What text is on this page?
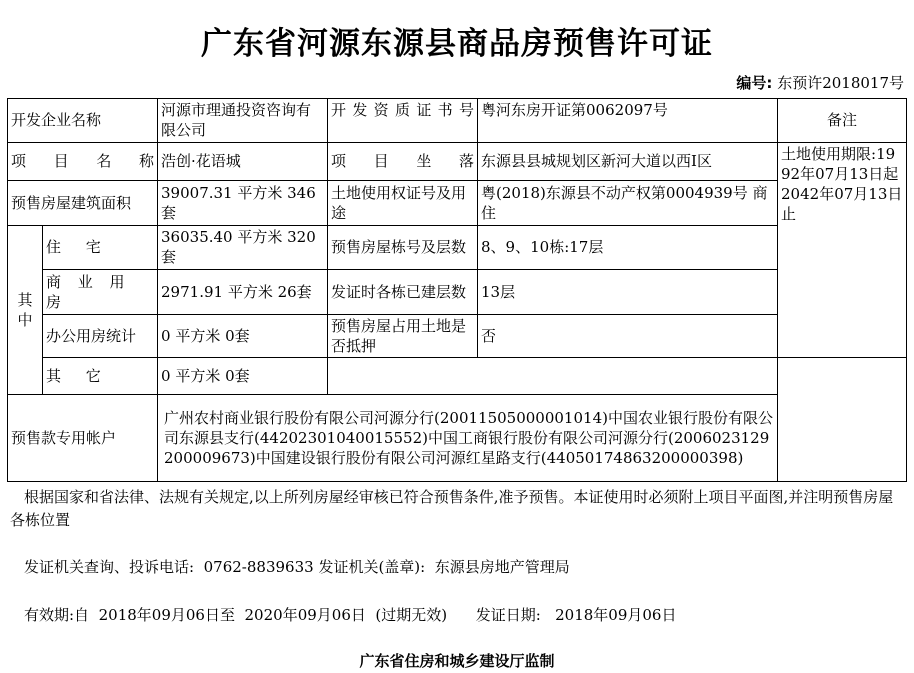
广东省河源东源县商品房预售许可证
编号: 东预许2018017号
开发企业名称		河源市理通投资咨询有限公司	开 发 资 质 证 书 号	粤河东房开证第0062097号	备注	
项 目 名 称		浩创·花语城	项 目 坐 落	东源县县城规划区新河大道以西I区	土地使用期限:1992年07月13日起2042年07月13日止	
预售房屋建筑面积		39007.31 平方米 346套	土地使用权证号及用途	粤(2018)东源县不动产权第0004939号 商住		
其中	住 宅	36035.40 平方米 320套	预售房屋栋号及层数	8、9、10栋:17层		
	商 业 用 房	2971.91 平方米 26套	发证时各栋已建层数	13层		
	办公用房统计	0 平方米 0套	预售房屋占用土地是否抵押	否		
	其 它	0 平方米 0套				
预售款专用帐户		广州农村商业银行股份有限公司河源分行(20011505000001014)中国农业银行股份有限公司东源县支行(44202301040015552)中国工商银行股份有限公司河源分行(2006023129200009673)中国建设银行股份有限公司河源红星路支行(44050174863200000398)				
根据国家和省法律、法规有关规定,以上所列房屋经审核已符合预售条件,准予预售。本证使用时必须附上项目平面图,并注明预售房屋各栋位置
发证机关查询、投诉电话: 0762-8839633 发证机关(盖章): 东源县房地产管理局
有效期:自 2018年09月06日至 2020年09月06日 (过期无效) 发证日期: 2018年09月06日
广东省住房和城乡建设厅监制
